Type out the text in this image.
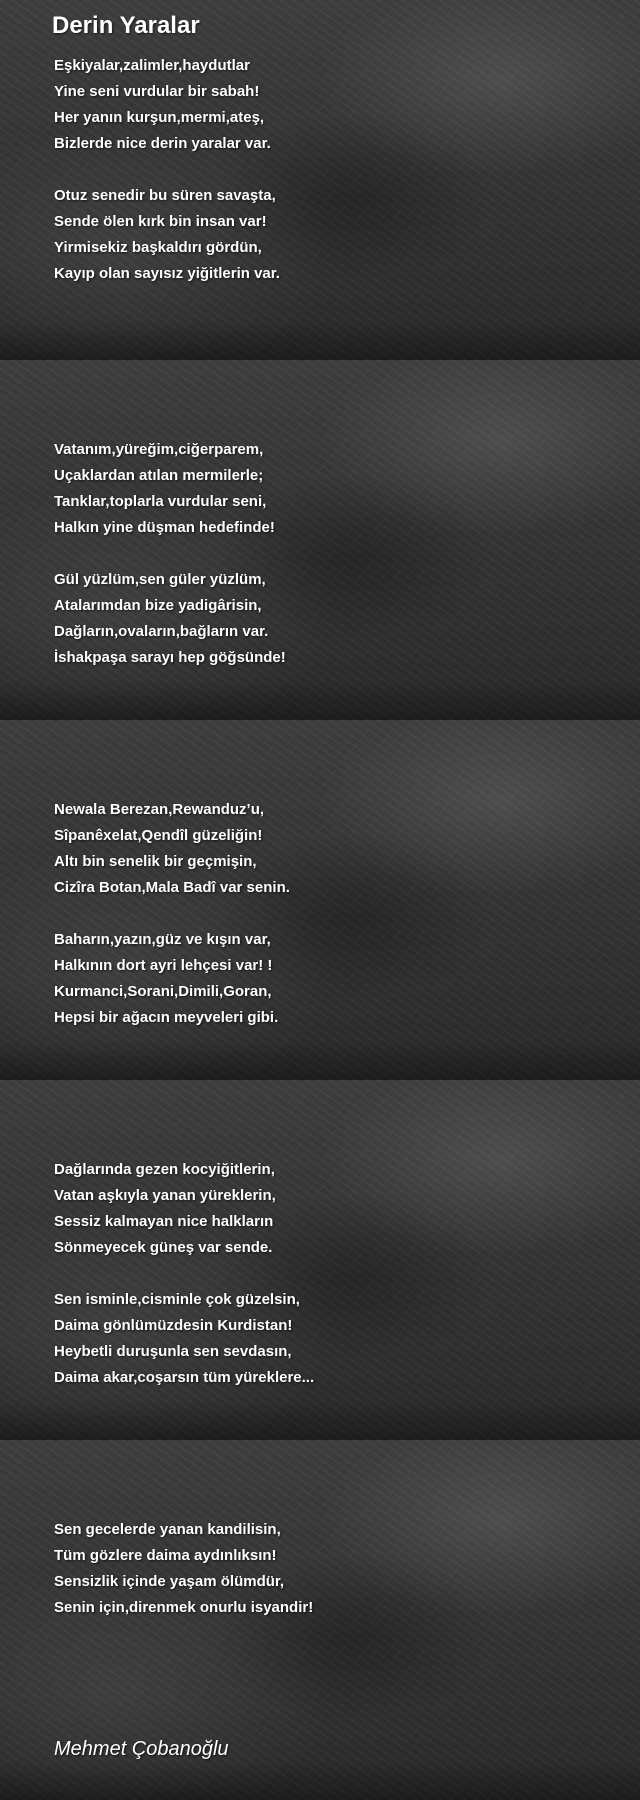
Derin Yaralar
Eşkiyalar,zalimler,haydutlar
Yine seni vurdular bir sabah!
Her yanın kurşun,mermi,ateş,
Bizlerde nice derin yaralar var.
Otuz senedir bu süren savaşta,
Sende ölen kırk bin insan var!
Yirmisekiz başkaldırı gördün,
Kayıp olan sayısız yiğitlerin var.
Vatanım,yüreğim,ciğerparem,
Uçaklardan atılan mermilerle;
Tanklar,toplarla vurdular seni,
Halkın yine düşman hedefinde!
Gül yüzlüm,sen güler yüzlüm,
Atalarımdan bize yadigârisin,
Dağların,ovaların,bağların var.
İshakpaşa sarayı hep göğsünde!
Newala Berezan,Rewanduz’u,
Sîpanêxelat,Qendîl güzeliğin!
Altı bin senelik bir geçmişin,
Cizîra Botan,Mala Badî var senin.
Baharın,yazın,güz ve kışın var,
Halkının dort ayri lehçesi var! !
Kurmanci,Sorani,Dimili,Goran,
Hepsi bir ağacın meyveleri gibi.
Dağlarında gezen kocyiğitlerin,
Vatan aşkıyla yanan yüreklerin,
Sessiz kalmayan nice halkların
Sönmeyecek güneş var sende.
Sen isminle,cisminle çok güzelsin,
Daima gönlümüzdesin Kurdistan!
Heybetli duruşunla sen sevdasın,
Daima akar,coşarsın tüm yüreklere...
Sen gecelerde yanan kandilisin,
Tüm gözlere daima aydınlıksın!
Sensizlik içinde yaşam ölümdür,
Senin için,direnmek onurlu isyandir!
Mehmet Çobanoğlu
